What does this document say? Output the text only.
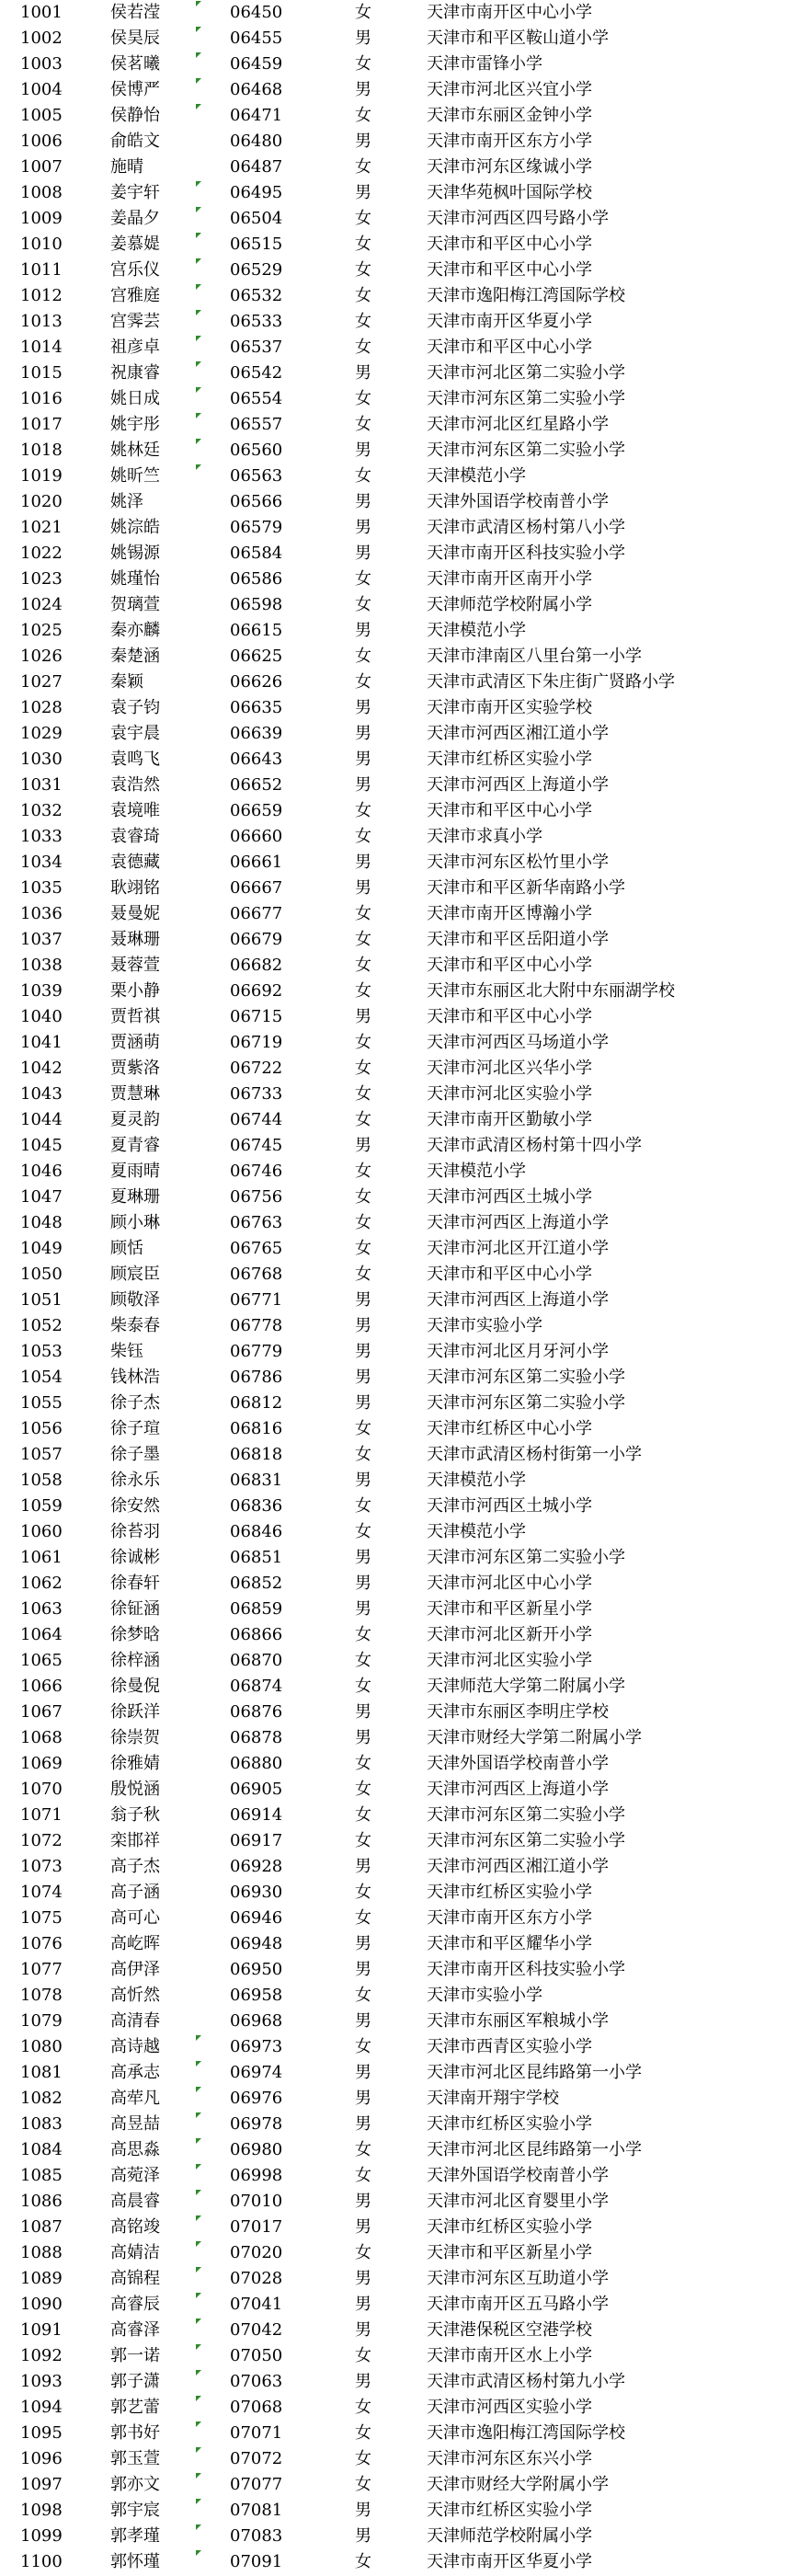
1001	侯若滢	06450	女	天津市南开区中心小学
1002	侯昊辰	06455	男	天津市和平区鞍山道小学
1003	侯茗曦	06459	女	天津市雷锋小学
1004	侯博严	06468	男	天津市河北区兴宜小学
1005	侯静怡	06471	女	天津市东丽区金钟小学
1006	俞皓文	06480	男	天津市南开区东方小学
1007	施晴	06487	女	天津市河东区缘诚小学
1008	姜宇轩	06495	男	天津华苑枫叶国际学校
1009	姜晶夕	06504	女	天津市河西区四号路小学
1010	姜慕媞	06515	女	天津市和平区中心小学
1011	宫乐仪	06529	女	天津市和平区中心小学
1012	宫雅庭	06532	女	天津市逸阳梅江湾国际学校
1013	宫霁芸	06533	女	天津市南开区华夏小学
1014	祖彦卓	06537	女	天津市和平区中心小学
1015	祝康睿	06542	男	天津市河北区第二实验小学
1016	姚日成	06554	女	天津市河东区第二实验小学
1017	姚宇彤	06557	女	天津市河北区红星路小学
1018	姚林廷	06560	男	天津市河东区第二实验小学
1019	姚昕竺	06563	女	天津模范小学
1020	姚泽	06566	男	天津外国语学校南普小学
1021	姚淙皓	06579	男	天津市武清区杨村第八小学
1022	姚锡源	06584	男	天津市南开区科技实验小学
1023	姚瑾怡	06586	女	天津市南开区南开小学
1024	贺璃萱	06598	女	天津师范学校附属小学
1025	秦亦麟	06615	男	天津模范小学
1026	秦楚涵	06625	女	天津市津南区八里台第一小学
1027	秦颖	06626	女	天津市武清区下朱庄街广贤路小学
1028	袁子钧	06635	男	天津市南开区实验学校
1029	袁宇晨	06639	男	天津市河西区湘江道小学
1030	袁鸣飞	06643	男	天津市红桥区实验小学
1031	袁浩然	06652	男	天津市河西区上海道小学
1032	袁境唯	06659	女	天津市和平区中心小学
1033	袁睿琦	06660	女	天津市求真小学
1034	袁德藏	06661	男	天津市河东区松竹里小学
1035	耿翊铭	06667	男	天津市和平区新华南路小学
1036	聂曼妮	06677	女	天津市南开区博瀚小学
1037	聂琳珊	06679	女	天津市和平区岳阳道小学
1038	聂蓉萱	06682	女	天津市和平区中心小学
1039	栗小静	06692	女	天津市东丽区北大附中东丽湖学校
1040	贾哲祺	06715	男	天津市和平区中心小学
1041	贾涵萌	06719	女	天津市河西区马场道小学
1042	贾紫洛	06722	女	天津市河北区兴华小学
1043	贾慧琳	06733	女	天津市河北区实验小学
1044	夏灵韵	06744	女	天津市南开区勤敏小学
1045	夏青睿	06745	男	天津市武清区杨村第十四小学
1046	夏雨晴	06746	女	天津模范小学
1047	夏琳珊	06756	女	天津市河西区土城小学
1048	顾小琳	06763	女	天津市河西区上海道小学
1049	顾恬	06765	女	天津市河北区开江道小学
1050	顾宸臣	06768	女	天津市和平区中心小学
1051	顾敬泽	06771	男	天津市河西区上海道小学
1052	柴泰春	06778	男	天津市实验小学
1053	柴钰	06779	男	天津市河北区月牙河小学
1054	钱林浩	06786	男	天津市河东区第二实验小学
1055	徐子杰	06812	男	天津市河东区第二实验小学
1056	徐子瑄	06816	女	天津市红桥区中心小学
1057	徐子墨	06818	女	天津市武清区杨村街第一小学
1058	徐永乐	06831	男	天津模范小学
1059	徐安然	06836	女	天津市河西区土城小学
1060	徐苔羽	06846	女	天津模范小学
1061	徐诚彬	06851	男	天津市河东区第二实验小学
1062	徐春轩	06852	男	天津市河北区中心小学
1063	徐钲涵	06859	男	天津市和平区新星小学
1064	徐梦晗	06866	女	天津市河北区新开小学
1065	徐梓涵	06870	女	天津市河北区实验小学
1066	徐曼倪	06874	女	天津师范大学第二附属小学
1067	徐跃洋	06876	男	天津市东丽区李明庄学校
1068	徐崇贺	06878	男	天津市财经大学第二附属小学
1069	徐雅婧	06880	女	天津外国语学校南普小学
1070	殷悦涵	06905	女	天津市河西区上海道小学
1071	翁子秋	06914	女	天津市河东区第二实验小学
1072	栾邯祥	06917	女	天津市河东区第二实验小学
1073	高子杰	06928	男	天津市河西区湘江道小学
1074	高子涵	06930	女	天津市红桥区实验小学
1075	高可心	06946	女	天津市南开区东方小学
1076	高屹晖	06948	男	天津市和平区耀华小学
1077	高伊泽	06950	男	天津市南开区科技实验小学
1078	高忻然	06958	女	天津市实验小学
1079	高清春	06968	男	天津市东丽区军粮城小学
1080	高诗越	06973	女	天津市西青区实验小学
1081	高承志	06974	男	天津市河北区昆纬路第一小学
1082	高荦凡	06976	男	天津南开翔宇学校
1083	高昱喆	06978	男	天津市红桥区实验小学
1084	高思淼	06980	女	天津市河北区昆纬路第一小学
1085	高菀泽	06998	女	天津外国语学校南普小学
1086	高晨睿	07010	男	天津市河北区育婴里小学
1087	高铭竣	07017	男	天津市红桥区实验小学
1088	高婧洁	07020	女	天津市和平区新星小学
1089	高锦程	07028	男	天津市河东区互助道小学
1090	高睿辰	07041	男	天津市南开区五马路小学
1091	高睿泽	07042	男	天津港保税区空港学校
1092	郭一诺	07050	女	天津市南开区水上小学
1093	郭子潇	07063	男	天津市武清区杨村第九小学
1094	郭艺蕾	07068	女	天津市河西区实验小学
1095	郭书好	07071	女	天津市逸阳梅江湾国际学校
1096	郭玉萱	07072	女	天津市河东区东兴小学
1097	郭亦文	07077	女	天津市财经大学附属小学
1098	郭宇宸	07081	男	天津市红桥区实验小学
1099	郭孝瑾	07083	男	天津师范学校附属小学
1100	郭怀瑾	07091	女	天津市南开区华夏小学
